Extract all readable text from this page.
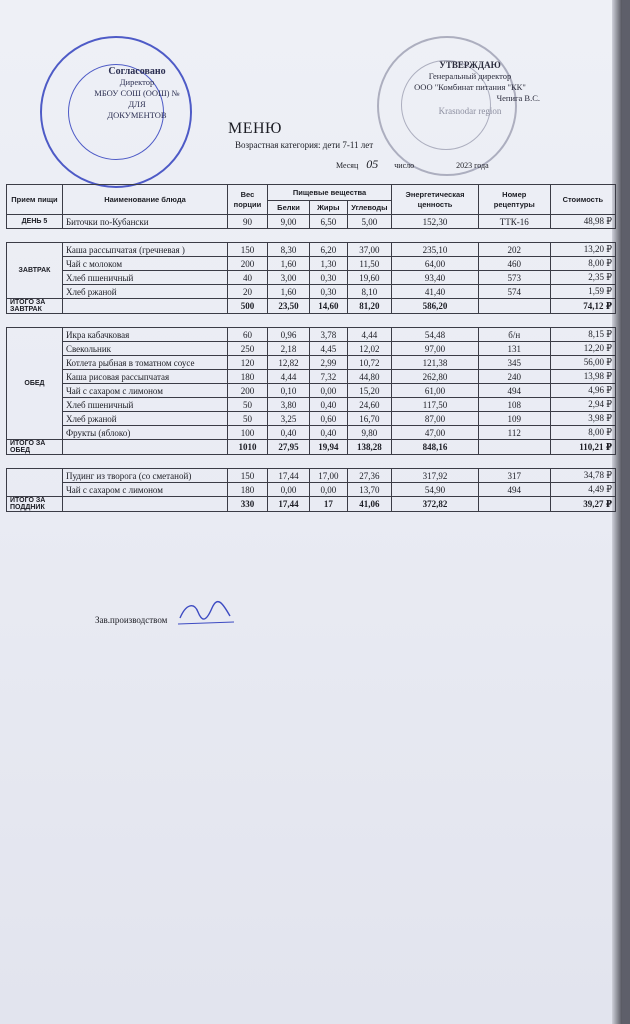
Согласовано
Директор
МБОУ СОШ (ООШ) №
ДЛЯ
ДОКУМЕНТОВ
УТВЕРЖДАЮ
Генеральный директор
ООО "Комбинат питания "КК"
Чепига В.С.
Krasnodar region
МЕНЮ
Возрастная категория: дети 7-11 лет
Месяц 05 число	2023 года
Прием пищи	Наименование блюда	Вес порции	Пищевые вещества			Энергетическая ценность	Номер рецептуры	Стоимость
			Белки	Жиры	Углеводы			
ДЕНЬ 5	Биточки по-Кубански	90	9,00	6,50	5,00	152,30	ТТК-16	48,98 ₽

ЗАВТРАК	Каша рассыпчатая (гречневая )	150	8,30	6,20	37,00	235,10	202	13,20 ₽
	Чай с молоком	200	1,60	1,30	11,50	64,00	460	8,00 ₽
	Хлеб пшеничный	40	3,00	0,30	19,60	93,40	573	2,35 ₽
	Хлеб ржаной	20	1,60	0,30	8,10	41,40	574	1,59 ₽
ИТОГО ЗА ЗАВТРАК		500	23,50	14,60	81,20	586,20		74,12 ₽

ОБЕД	Икра кабачковая	60	0,96	3,78	4,44	54,48	б/н	8,15 ₽
	Свекольник	250	2,18	4,45	12,02	97,00	131	12,20 ₽
	Котлета рыбная в томатном соусе	120	12,82	2,99	10,72	121,38	345	56,00 ₽
	Каша рисовая рассыпчатая	180	4,44	7,32	44,80	262,80	240	13,98 ₽
	Чай с сахаром с лимоном	200	0,10	0,00	15,20	61,00	494	4,96 ₽
	Хлеб пшеничный	50	3,80	0,40	24,60	117,50	108	2,94 ₽
	Хлеб ржаной	50	3,25	0,60	16,70	87,00	109	3,98 ₽
	Фрукты (яблоко)	100	0,40	0,40	9,80	47,00	112	8,00 ₽
ИТОГО ЗА ОБЕД		1010	27,95	19,94	138,28	848,16		110,21 ₽

	Пудинг из творога (со сметаной)	150	17,44	17,00	27,36	317,92	317	34,78 ₽
	Чай с сахаром с лимоном	180	0,00	0,00	13,70	54,90	494	4,49 ₽
ИТОГО ЗА ПОДДНИК		330	17,44	17	41,06	372,82		39,27 ₽
Зав.производством
